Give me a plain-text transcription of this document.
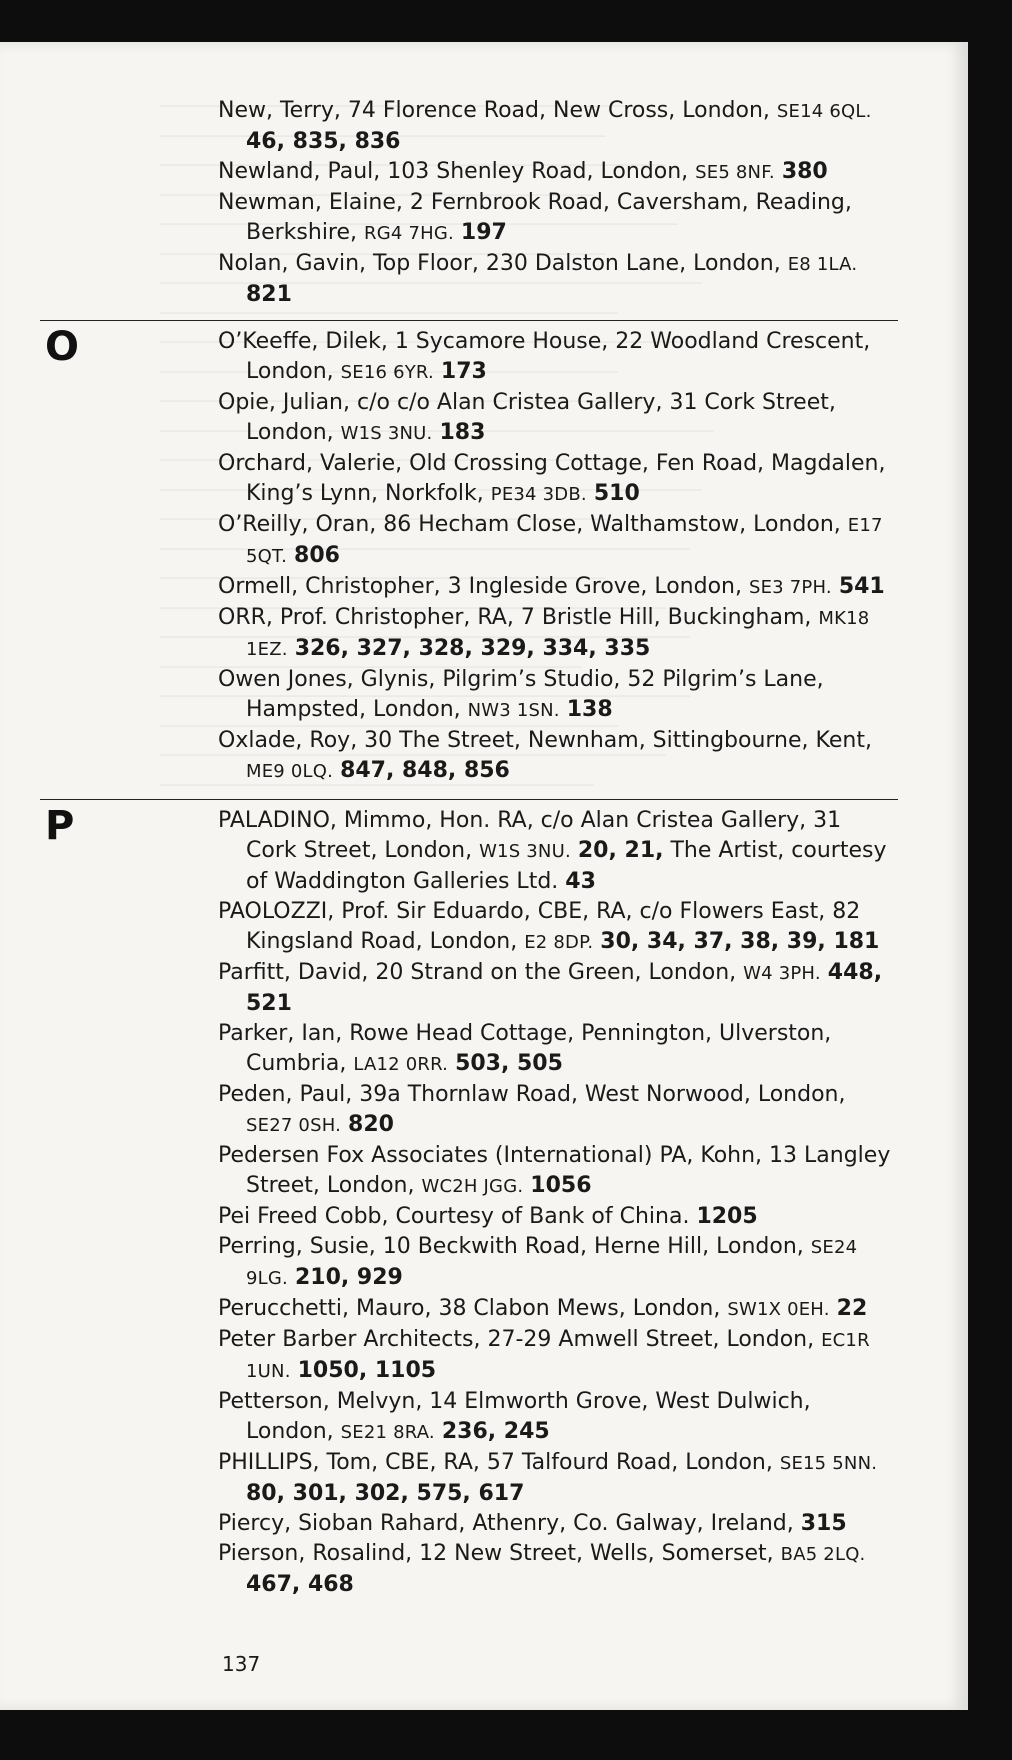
New, Terry, 74 Florence Road, New Cross, London, SE14 6QL. 46, 835, 836

Newland, Paul, 103 Shenley Road, London, SE5 8NF. 380

Newman, Elaine, 2 Fernbrook Road, Caversham, Reading, Berkshire, RG4 7HG. 197

Nolan, Gavin, Top Floor, 230 Dalston Lane, London, E8 1LA. 821

O	O’Keeffe, Dilek, 1 Sycamore House, 22 Woodland Crescent, London, SE16 6YR. 173

Opie, Julian, c/o c/o Alan Cristea Gallery, 31 Cork Street, London, W1S 3NU. 183

Orchard, Valerie, Old Crossing Cottage, Fen Road, Magdalen, King’s Lynn, Norkfolk, PE34 3DB. 510

O’Reilly, Oran, 86 Hecham Close, Walthamstow, London, E17 5QT. 806

Ormell, Christopher, 3 Ingleside Grove, London, SE3 7PH. 541

ORR, Prof. Christopher, RA, 7 Bristle Hill, Buckingham, MK18 1EZ. 326, 327, 328, 329, 334, 335

Owen Jones, Glynis, Pilgrim’s Studio, 52 Pilgrim’s Lane, Hampsted, London, NW3 1SN. 138

Oxlade, Roy, 30 The Street, Newnham, Sittingbourne, Kent, ME9 0LQ. 847, 848, 856

P	PALADINO, Mimmo, Hon. RA, c/o Alan Cristea Gallery, 31 Cork Street, London, W1S 3NU. 20, 21, The Artist, courtesy of Waddington Galleries Ltd. 43

PAOLOZZI, Prof. Sir Eduardo, CBE, RA, c/o Flowers East, 82 Kingsland Road, London, E2 8DP. 30, 34, 37, 38, 39, 181

Parfitt, David, 20 Strand on the Green, London, W4 3PH. 448, 521

Parker, Ian, Rowe Head Cottage, Pennington, Ulverston, Cumbria, LA12 0RR. 503, 505

Peden, Paul, 39a Thornlaw Road, West Norwood, London, SE27 0SH. 820

Pedersen Fox Associates (International) PA, Kohn, 13 Langley Street, London, WC2H JGG. 1056

Pei Freed Cobb, Courtesy of Bank of China. 1205

Perring, Susie, 10 Beckwith Road, Herne Hill, London, SE24 9LG. 210, 929

Perucchetti, Mauro, 38 Clabon Mews, London, SW1X 0EH. 22

Peter Barber Architects, 27-29 Amwell Street, London, EC1R 1UN. 1050, 1105

Petterson, Melvyn, 14 Elmworth Grove, West Dulwich, London, SE21 8RA. 236, 245

PHILLIPS, Tom, CBE, RA, 57 Talfourd Road, London, SE15 5NN. 80, 301, 302, 575, 617

Piercy, Sioban Rahard, Athenry, Co. Galway, Ireland, 315

Pierson, Rosalind, 12 New Street, Wells, Somerset, BA5 2LQ. 467, 468

137
